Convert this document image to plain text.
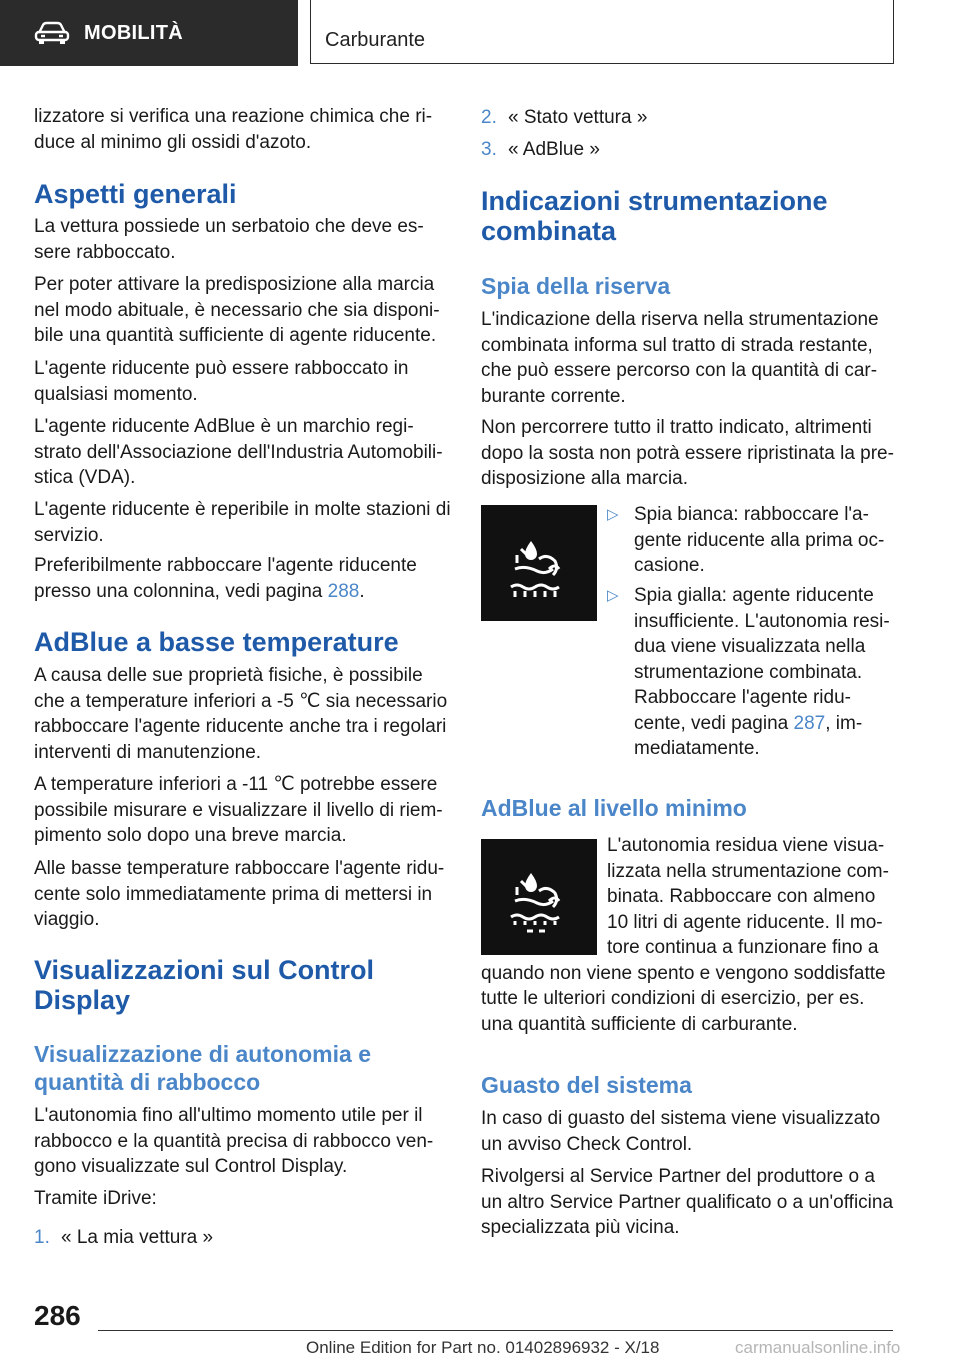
MOBILITÀ	Carburante

lizzatore si verifica una reazione chimica che ri-duce al minimo gli ossidi d'azoto.

Aspetti generali

La vettura possiede un serbatoio che deve es-sere rabboccato.

Per poter attivare la predisposizione alla marcia nel modo abituale, è necessario che sia disponi-bile una quantità sufficiente di agente riducente.

L'agente riducente può essere rabboccato in qualsiasi momento.

L'agente riducente AdBlue è un marchio regi-strato dell'Associazione dell'Industria Automobili-stica (VDA).

L'agente riducente è reperibile in molte stazioni di servizio.

Preferibilmente rabboccare l'agente riducente presso una colonnina, vedi pagina 288.

AdBlue a basse temperature

A causa delle sue proprietà fisiche, è possibile che a temperature inferiori a -5 ℃ sia necessario rabboccare l'agente riducente anche tra i regolari interventi di manutenzione.

A temperature inferiori a -11 ℃ potrebbe essere possibile misurare e visualizzare il livello di riem-pimento solo dopo una breve marcia.

Alle basse temperature rabboccare l'agente ridu-cente solo immediatamente prima di mettersi in viaggio.

Visualizzazioni sul Control Display
Visualizzazione di autonomia e quantità di rabbocco

L'autonomia fino all'ultimo momento utile per il rabbocco e la quantità precisa di rabbocco ven-gono visualizzate sul Control Display.

Tramite iDrive:

1. « La mia vettura »

2. « Stato vettura »

3. « AdBlue »

Indicazioni strumentazione combinata
Spia della riserva

L'indicazione della riserva nella strumentazione combinata informa sul tratto di strada restante, che può essere percorso con la quantità di car-burante corrente.

Non percorrere tutto il tratto indicato, altrimenti dopo la sosta non potrà essere ripristinata la pre-disposizione alla marcia.

▷ Spia bianca: rabboccare l'a-gente riducente alla prima oc-casione.

▷ Spia gialla: agente riducente insufficiente. L'autonomia resi-dua viene visualizzata nella strumentazione combinata. Rabboccare l'agente ridu-cente, vedi pagina 287, im-mediatamente.

AdBlue al livello minimo

L'autonomia residua viene visua-lizzata nella strumentazione com-binata. Rabboccare con almeno 10 litri di agente riducente. Il mo-tore continua a funzionare fino a quando non viene spento e vengono soddisfatte tutte le ulteriori condizioni di esercizio, per es. una quantità sufficiente di carburante.

Guasto del sistema

In caso di guasto del sistema viene visualizzato un avviso Check Control.

Rivolgersi al Service Partner del produttore o a un altro Service Partner qualificato o a un'officina specializzata più vicina.

286
Online Edition for Part no. 01402896932 - X/18	carmanualsonline.info
